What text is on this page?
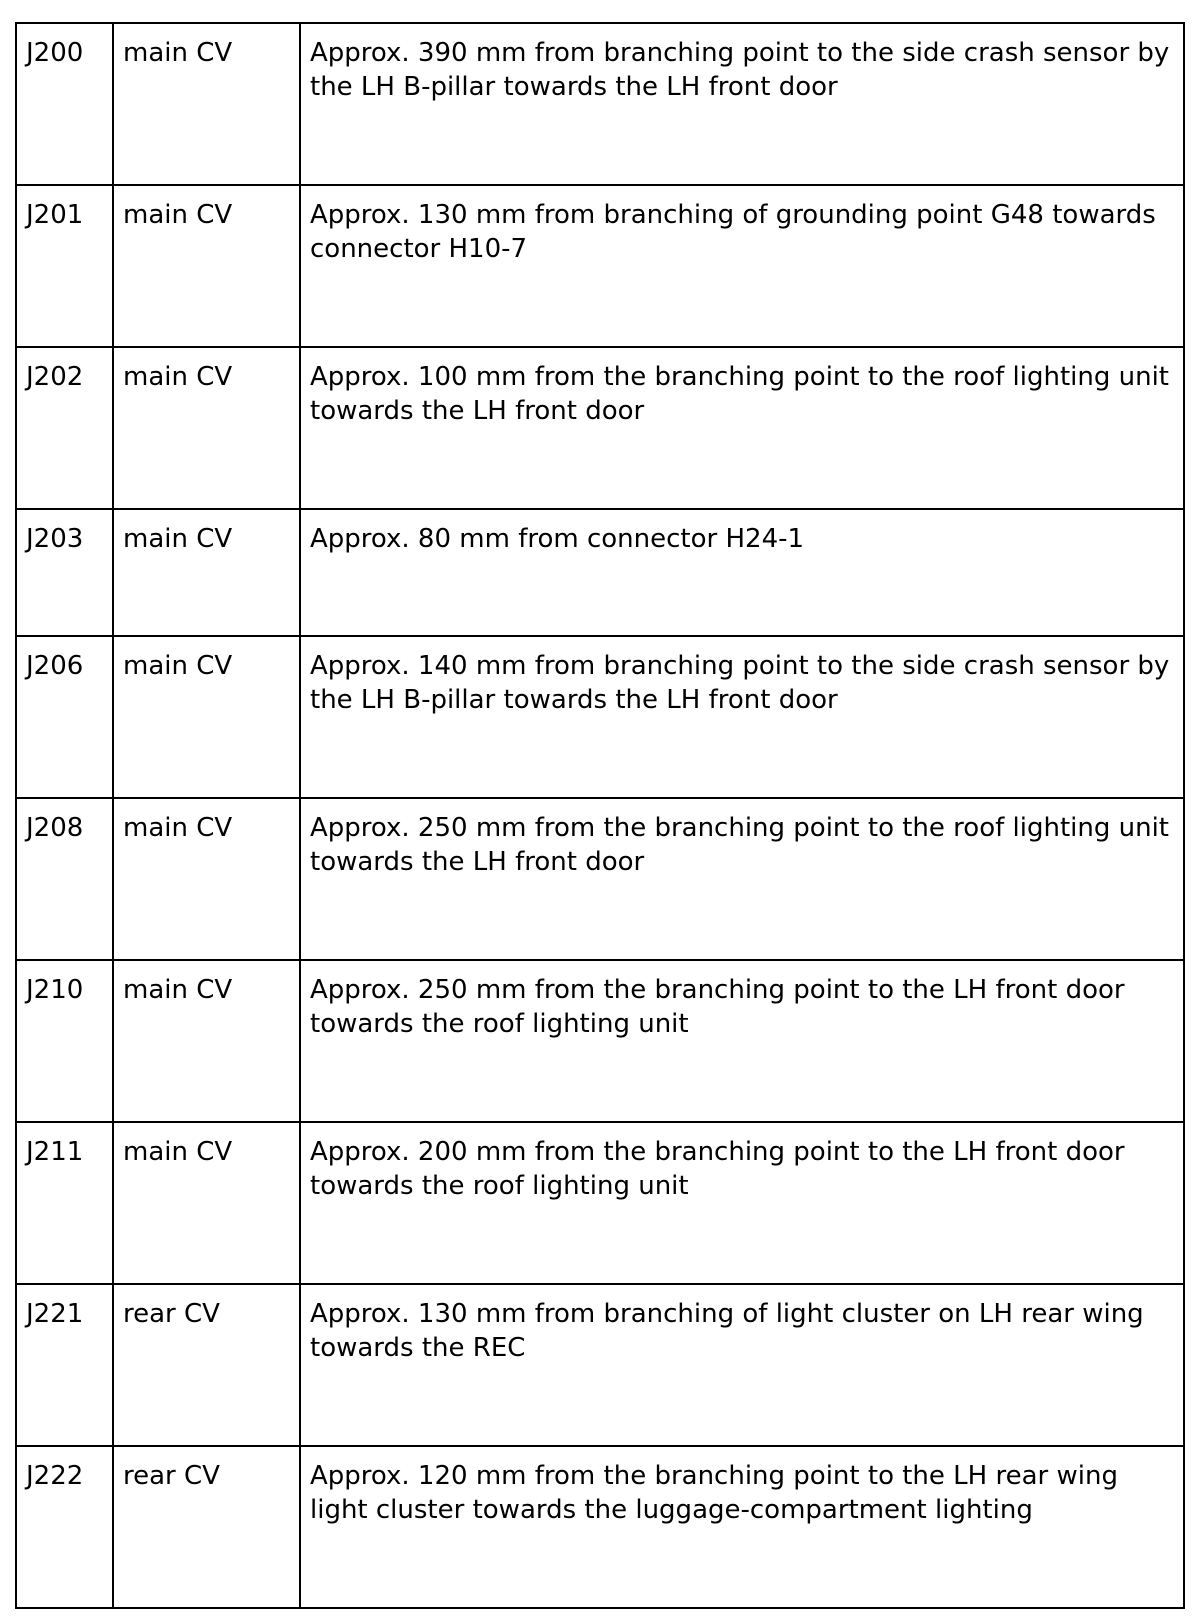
J200	main CV	Approx. 390 mm from branching point to the side crash sensor by the LH B-pillar towards the LH front door
J201	main CV	Approx. 130 mm from branching of grounding point G48 towards connector H10-7
J202	main CV	Approx. 100 mm from the branching point to the roof lighting unit towards the LH front door
J203	main CV	Approx. 80 mm from connector H24-1
J206	main CV	Approx. 140 mm from branching point to the side crash sensor by the LH B-pillar towards the LH front door
J208	main CV	Approx. 250 mm from the branching point to the roof lighting unit towards the LH front door
J210	main CV	Approx. 250 mm from the branching point to the LH front door towards the roof lighting unit
J211	main CV	Approx. 200 mm from the branching point to the LH front door towards the roof lighting unit
J221	rear CV	Approx. 130 mm from branching of light cluster on LH rear wing towards the REC
J222	rear CV	Approx. 120 mm from the branching point to the LH rear wing light cluster towards the luggage-compartment lighting
